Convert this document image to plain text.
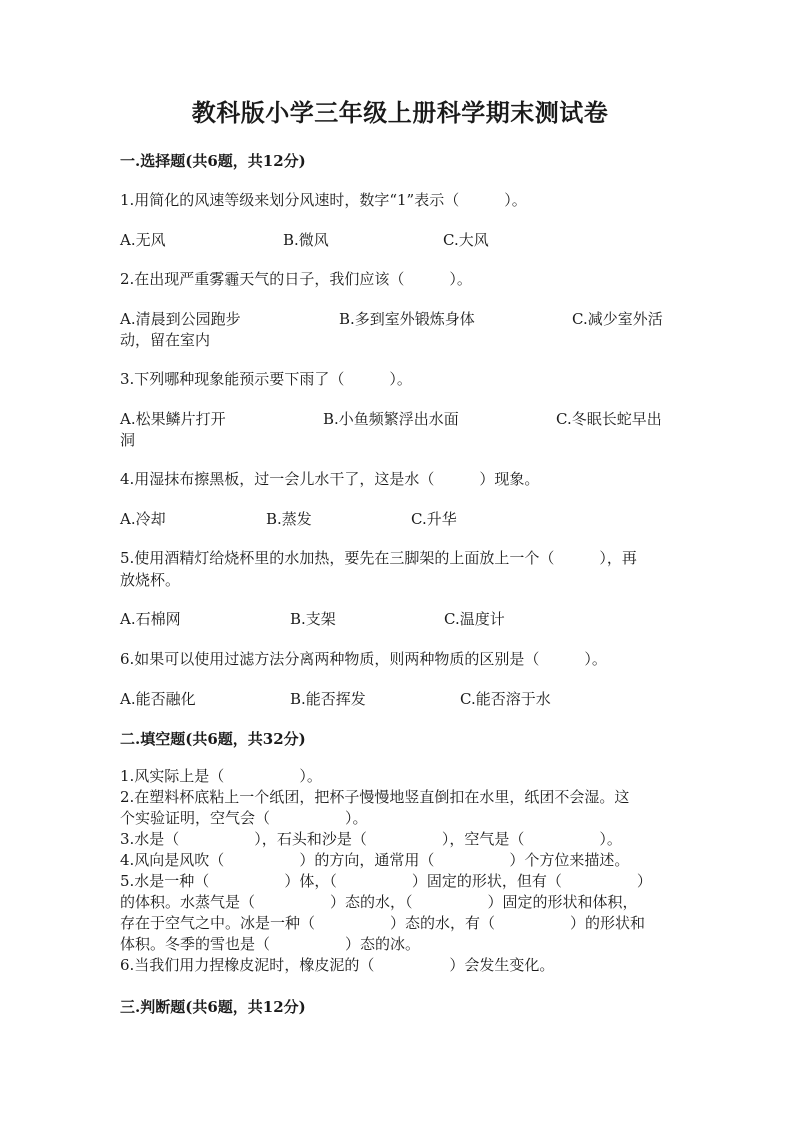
教科版小学三年级上册科学期末测试卷
一.选择题(共6题，共12分)
1.用简化的风速等级来划分风速时，数字“1”表示（　　　）。
A.无风	B.微风	C.大风
2.在出现严重雾霾天气的日子，我们应该（　　　）。
A.清晨到公园跑步	B.多到室外锻炼身体	C.减少室外活
动，留在室内
3.下列哪种现象能预示要下雨了（　　　）。
A.松果鳞片打开	B.小鱼频繁浮出水面	C.冬眠长蛇早出
洞
4.用湿抹布擦黑板，过一会儿水干了，这是水（　　　）现象。
A.冷却	B.蒸发	C.升华
5.使用酒精灯给烧杯里的水加热，要先在三脚架的上面放上一个（　　　），再
放烧杯。
A.石棉网	B.支架	C.温度计
6.如果可以使用过滤方法分离两种物质，则两种物质的区别是（　　　）。
A.能否融化	B.能否挥发	C.能否溶于水
二.填空题(共6题，共32分)
1.风实际上是（　　　　　）。
2.在塑料杯底粘上一个纸团，把杯子慢慢地竖直倒扣在水里，纸团不会湿。这
个实验证明，空气会（　　　　　）。
3.水是（　　　　　），石头和沙是（　　　　　），空气是（　　　　　）。
4.风向是风吹（　　　　　）的方向，通常用（　　　　　）个方位来描述。
5.水是一种（　　　　　）体，（　　　　　）固定的形状，但有（　　　　　）
的体积。水蒸气是（　　　　　）态的水，（　　　　　）固定的形状和体积，
存在于空气之中。冰是一种（　　　　　）态的水，有（　　　　　）的形状和
体积。冬季的雪也是（　　　　　）态的冰。
6.当我们用力捏橡皮泥时，橡皮泥的（　　　　　）会发生变化。
三.判断题(共6题，共12分)
